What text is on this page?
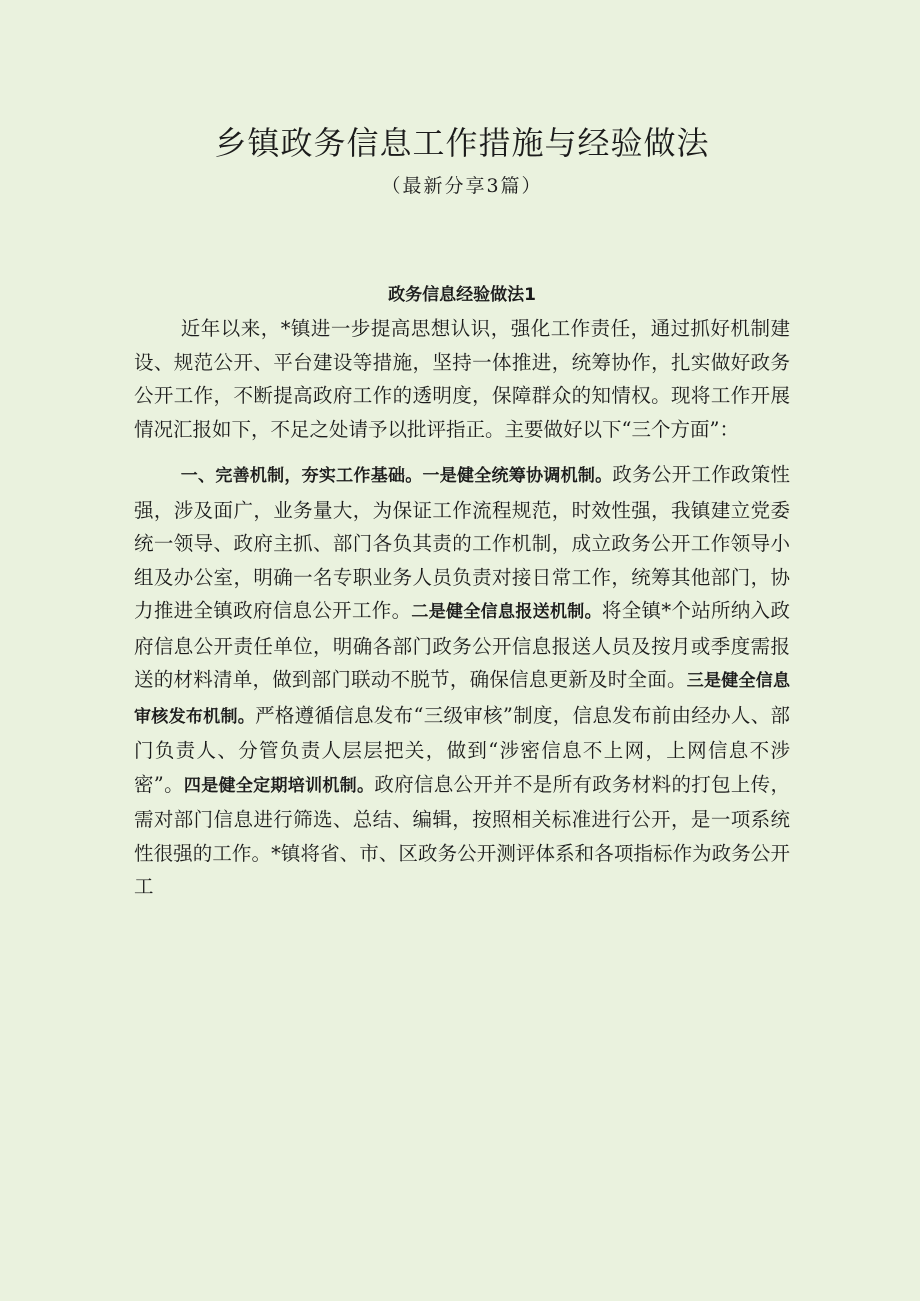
乡镇政务信息工作措施与经验做法
（最新分享3篇）
政务信息经验做法1

近年以来，*镇进一步提高思想认识，强化工作责任，通过抓好机制建设、规范公开、平台建设等措施，坚持一体推进，统筹协作，扎实做好政务公开工作，不断提高政府工作的透明度，保障群众的知情权。现将工作开展情况汇报如下，不足之处请予以批评指正。主要做好以下“三个方面”：

一、完善机制，夯实工作基础。一是健全统筹协调机制。政务公开工作政策性强，涉及面广，业务量大，为保证工作流程规范，时效性强，我镇建立党委统一领导、政府主抓、部门各负其责的工作机制，成立政务公开工作领导小组及办公室，明确一名专职业务人员负责对接日常工作，统筹其他部门，协力推进全镇政府信息公开工作。二是健全信息报送机制。将全镇*个站所纳入政府信息公开责任单位，明确各部门政务公开信息报送人员及按月或季度需报送的材料清单，做到部门联动不脱节，确保信息更新及时全面。三是健全信息审核发布机制。严格遵循信息发布“三级审核”制度，信息发布前由经办人、部门负责人、分管负责人层层把关，做到“涉密信息不上网，上网信息不涉密”。四是健全定期培训机制。政府信息公开并不是所有政务材料的打包上传，需对部门信息进行筛选、总结、编辑，按照相关标准进行公开，是一项系统性很强的工作。*镇将省、市、区政务公开测评体系和各项指标作为政务公开工
